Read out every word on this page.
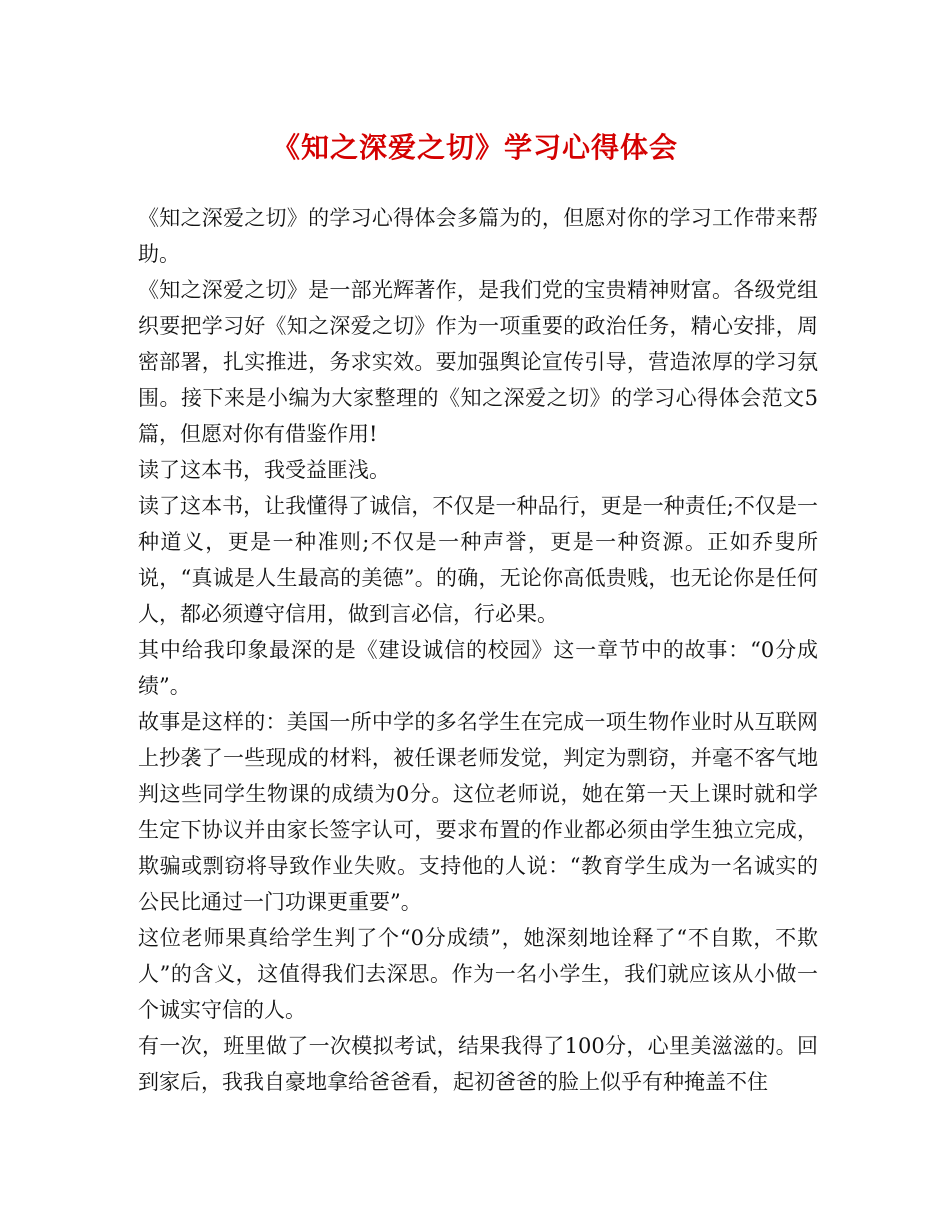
《知之深爱之切》学习心得体会

《知之深爱之切》的学习心得体会多篇为的，但愿对你的学习工作带来帮助。

《知之深爱之切》是一部光辉著作，是我们党的宝贵精神财富。各级党组织要把学习好《知之深爱之切》作为一项重要的政治任务，精心安排，周密部署，扎实推进，务求实效。要加强舆论宣传引导，营造浓厚的学习氛围。接下来是小编为大家整理的《知之深爱之切》的学习心得体会范文5篇，但愿对你有借鉴作用!

读了这本书，我受益匪浅。

读了这本书，让我懂得了诚信，不仅是一种品行，更是一种责任;不仅是一种道义，更是一种准则;不仅是一种声誉，更是一种资源。正如乔叟所说，“真诚是人生最高的美德”。的确，无论你高低贵贱，也无论你是任何人，都必须遵守信用，做到言必信，行必果。

其中给我印象最深的是《建设诚信的校园》这一章节中的故事：“0分成绩”。

故事是这样的：美国一所中学的多名学生在完成一项生物作业时从互联网上抄袭了一些现成的材料，被任课老师发觉，判定为剽窃，并毫不客气地判这些同学生物课的成绩为0分。这位老师说，她在第一天上课时就和学生定下协议并由家长签字认可，要求布置的作业都必须由学生独立完成，欺骗或剽窃将导致作业失败。支持他的人说：“教育学生成为一名诚实的公民比通过一门功课更重要”。

这位老师果真给学生判了个“0分成绩”，她深刻地诠释了“不自欺，不欺人”的含义，这值得我们去深思。作为一名小学生，我们就应该从小做一个诚实守信的人。

有一次，班里做了一次模拟考试，结果我得了100分，心里美滋滋的。回到家后，我我自豪地拿给爸爸看，起初爸爸的脸上似乎有种掩盖不住
